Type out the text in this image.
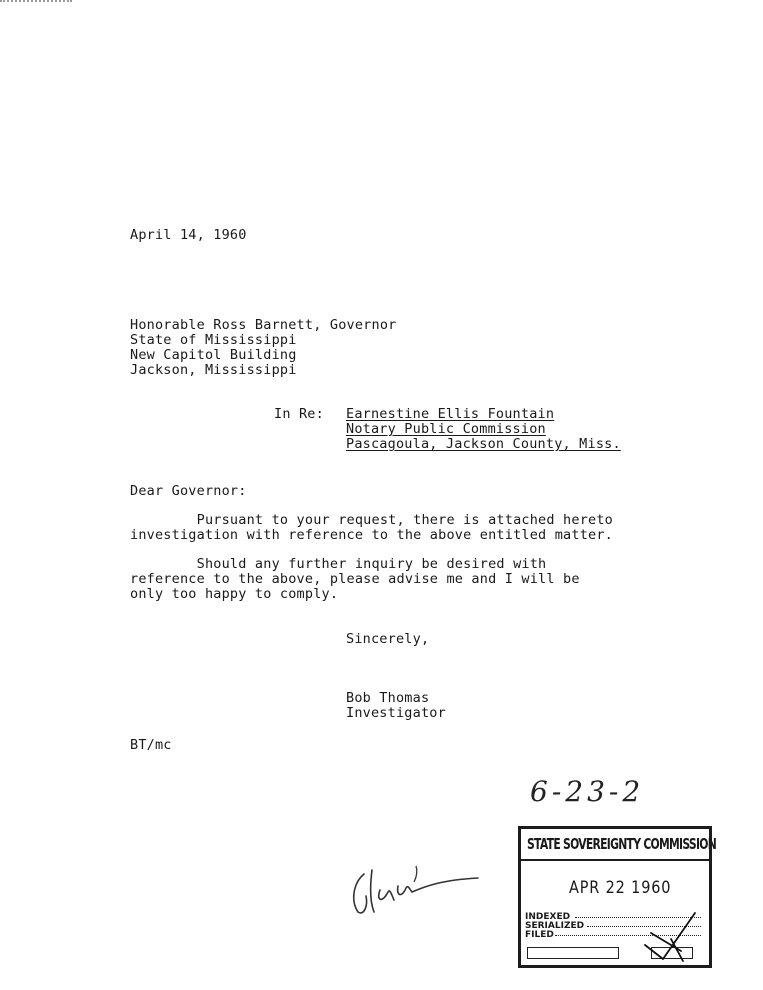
April 14, 1960
Honorable Ross Barnett, Governor
State of Mississippi
New Capitol Building
Jackson, Mississippi
In Re: Earnestine Ellis Fountain
Notary Public Commission
Pascagoula, Jackson County, Miss.
Dear Governor:
Pursuant to your request, there is attached hereto
investigation with reference to the above entitled matter.
Should any further inquiry be desired with
reference to the above, please advise me and I will be
only too happy to comply.
Sincerely,
Bob Thomas
Investigator
BT/mc
6-23-2
STATE SOVEREIGNTY COMMISSION
APR 22 1960
INDEXED
SERIALIZED
FILED
